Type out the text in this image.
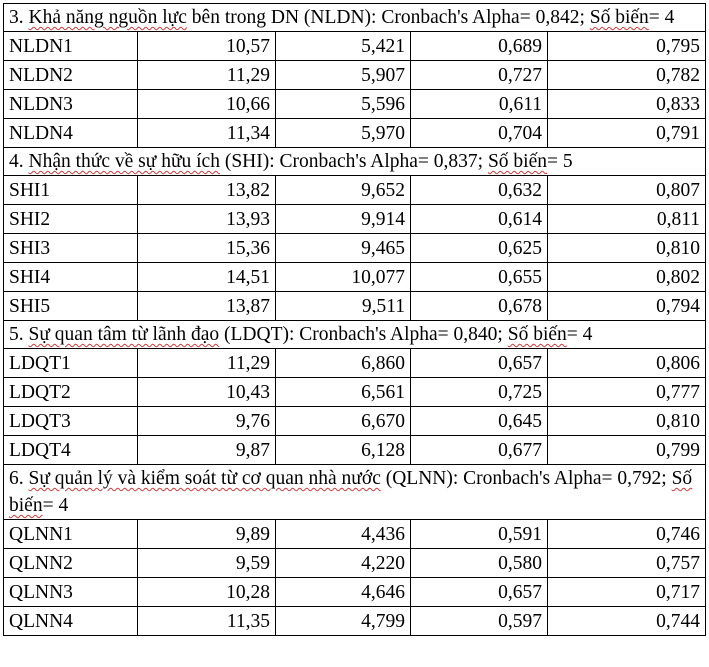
3. Khả năng nguồn lực bên trong DN (NLDN): Cronbach's Alpha= 0,842; Số biến= 4				
NLDN1	10,57	5,421	0,689	0,795
NLDN2	11,29	5,907	0,727	0,782
NLDN3	10,66	5,596	0,611	0,833
NLDN4	11,34	5,970	0,704	0,791
4. Nhận thức về sự hữu ích (SHI): Cronbach's Alpha= 0,837; Số biến= 5				
SHI1	13,82	9,652	0,632	0,807
SHI2	13,93	9,914	0,614	0,811
SHI3	15,36	9,465	0,625	0,810
SHI4	14,51	10,077	0,655	0,802
SHI5	13,87	9,511	0,678	0,794
5. Sự quan tâm từ lãnh đạo (LDQT): Cronbach's Alpha= 0,840; Số biến= 4				
LDQT1	11,29	6,860	0,657	0,806
LDQT2	10,43	6,561	0,725	0,777
LDQT3	9,76	6,670	0,645	0,810
LDQT4	9,87	6,128	0,677	0,799
6. Sự quản lý và kiểm soát từ cơ quan nhà nước (QLNN): Cronbach's Alpha= 0,792; Số biến= 4				
QLNN1	9,89	4,436	0,591	0,746
QLNN2	9,59	4,220	0,580	0,757
QLNN3	10,28	4,646	0,657	0,717
QLNN4	11,35	4,799	0,597	0,744
